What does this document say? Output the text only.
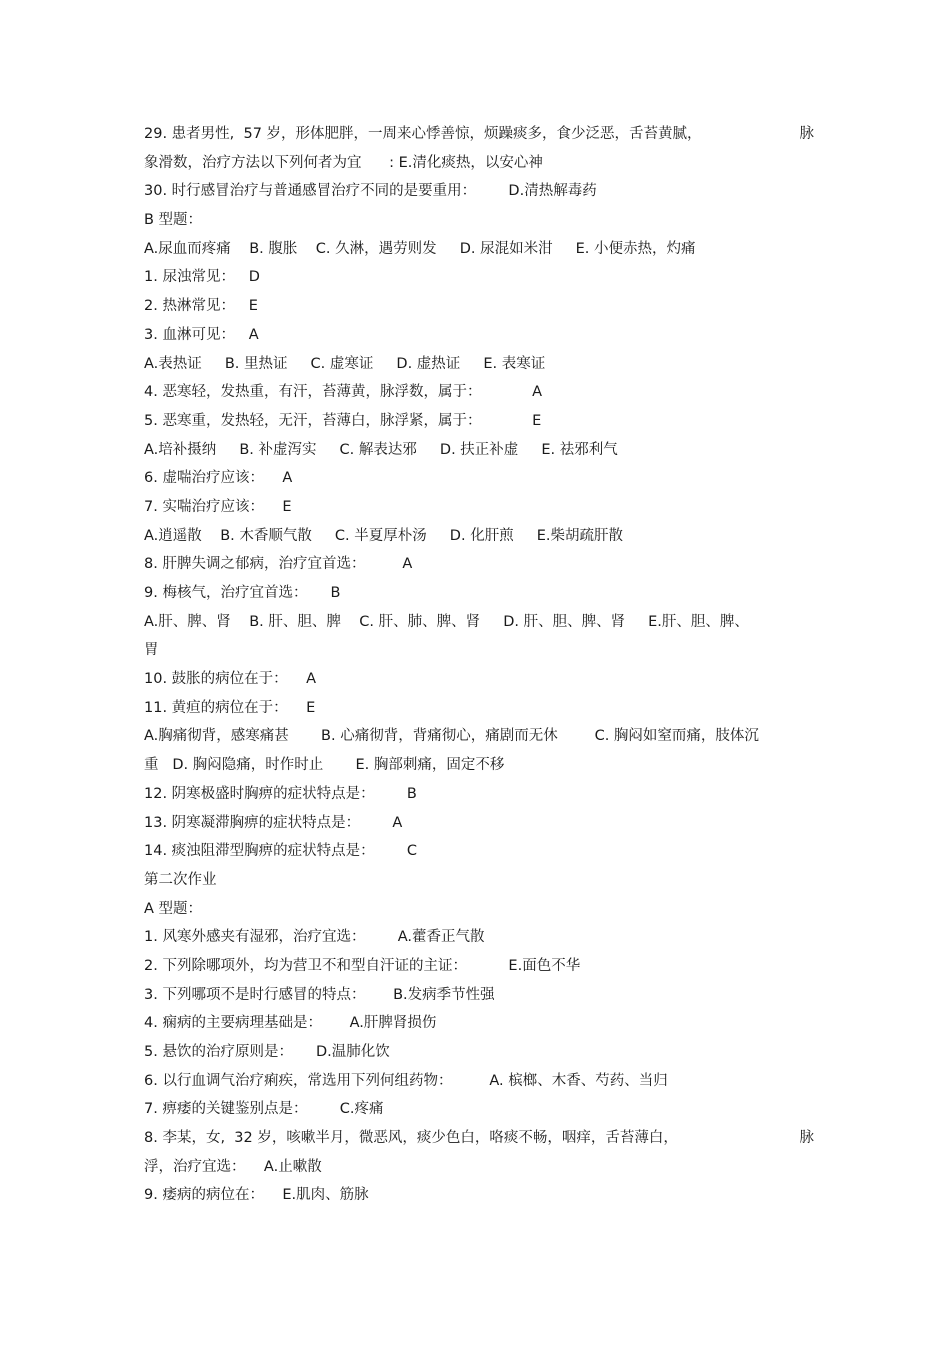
29. 患者男性,  57 岁，形体肥胖，一周来心悸善惊，烦躁痰多，食少泛恶，舌苔黄腻，	脉
象滑数，治疗方法以下列何者为宜      : E.清化痰热，以安心神
30. 时行感冒治疗与普通感冒治疗不同的是要重用：       D.清热解毒药
B 型题：
A.尿血而疼痛    B. 腹胀    C. 久淋，遇劳则发     D. 尿混如米泔     E. 小便赤热，灼痛
1. 尿浊常见：   D
2. 热淋常见：   E
3. 血淋可见：   A
A.表热证     B. 里热证     C. 虚寒证     D. 虚热证     E. 表寒证
4. 恶寒轻，发热重，有汗，苔薄黄，脉浮数，属于：           A
5. 恶寒重，发热轻，无汗，苔薄白，脉浮紧，属于：           E
A.培补摄纳     B. 补虚泻实     C. 解表达邪     D. 扶正补虚     E. 祛邪利气
6. 虚喘治疗应该：    A
7. 实喘治疗应该：    E
A.逍遥散    B. 木香顺气散     C. 半夏厚朴汤     D. 化肝煎     E.柴胡疏肝散
8. 肝脾失调之郁病，治疗宜首选：        A
9. 梅核气，治疗宜首选：     B
A.肝、脾、肾    B. 肝、胆、脾    C. 肝、肺、脾、肾     D. 肝、胆、脾、肾     E.肝、胆、脾、
胃
10. 鼓胀的病位在于：    A
11. 黄疸的病位在于：    E
A.胸痛彻背，感寒痛甚       B. 心痛彻背，背痛彻心，痛剧而无休        C. 胸闷如窒而痛，肢体沉
重   D. 胸闷隐痛，时作时止       E. 胸部刺痛，固定不移
12. 阴寒极盛时胸痹的症状特点是：       B
13. 阴寒凝滞胸痹的症状特点是：       A
14. 痰浊阻滞型胸痹的症状特点是：       C
第二次作业
A 型题：
1. 风寒外感夹有湿邪，治疗宜选：       A.藿香正气散
2. 下列除哪项外，均为营卫不和型自汗证的主证：         E.面色不华
3. 下列哪项不是时行感冒的特点：      B.发病季节性强
4. 痫病的主要病理基础是：      A.肝脾肾损伤
5. 悬饮的治疗原则是：     D.温肺化饮
6. 以行血调气治疗痢疾，常选用下列何组药物：        A. 槟榔、木香、芍药、当归
7. 痹痿的关键鉴别点是：       C.疼痛
8. 李某，女,  32 岁，咳嗽半月，微恶风，痰少色白，咯痰不畅，咽痒，舌苔薄白，	脉
浮，治疗宜选：    A.止嗽散
9. 痿病的病位在：    E.肌肉、筋脉
